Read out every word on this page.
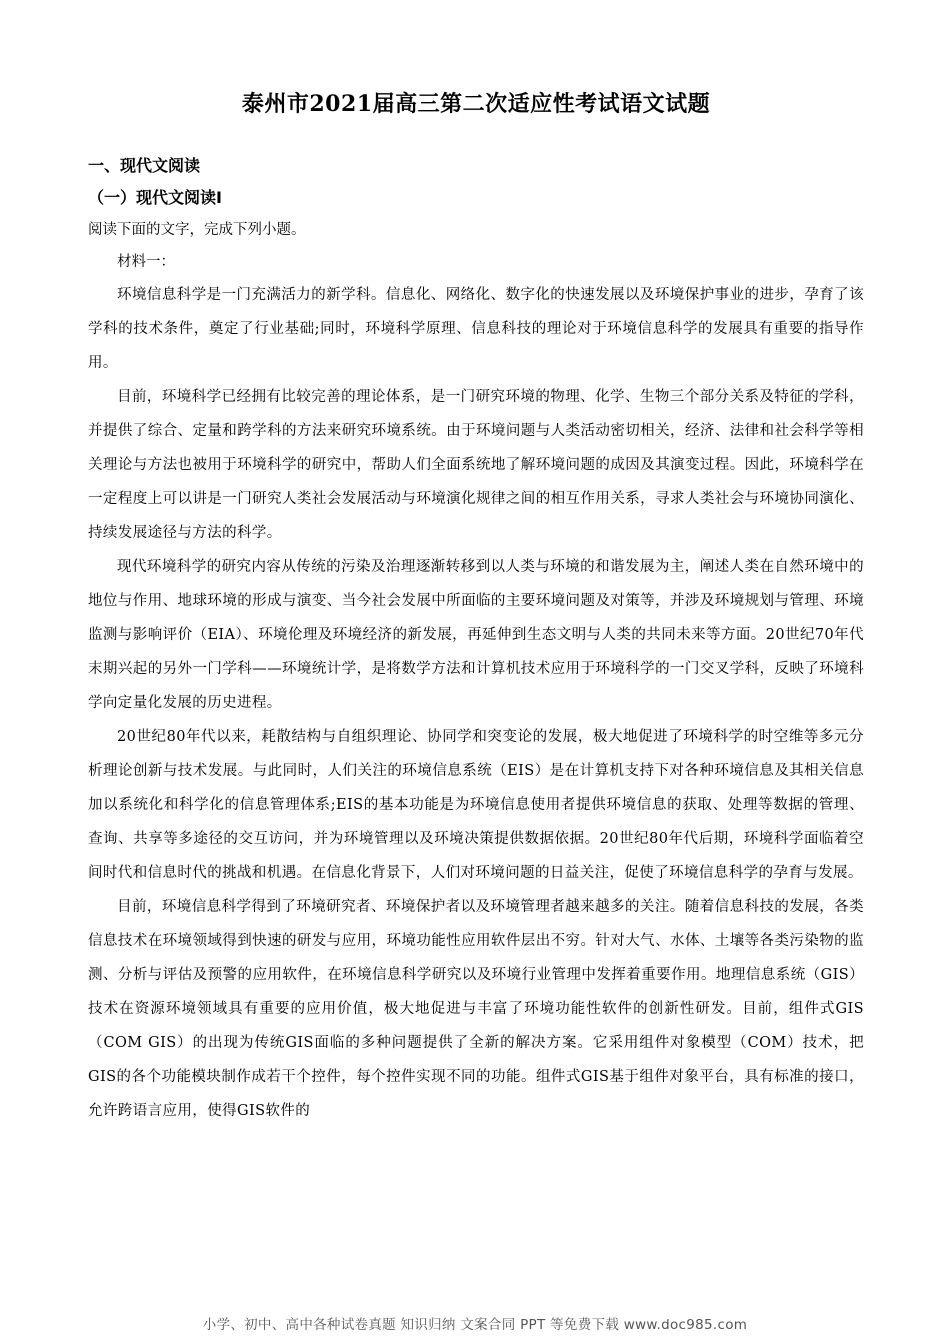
泰州市2021届高三第二次适应性考试语文试题

一、现代文阅读

（一）现代文阅读Ⅰ

阅读下面的文字，完成下列小题。

材料一：

环境信息科学是一门充满活力的新学科。信息化、网络化、数字化的快速发展以及环境保护事业的进步，孕育了该学科的技术条件，奠定了行业基础;同时，环境科学原理、信息科技的理论对于环境信息科学的发展具有重要的指导作用。

目前，环境科学已经拥有比较完善的理论体系，是一门研究环境的物理、化学、生物三个部分关系及特征的学科，并提供了综合、定量和跨学科的方法来研究环境系统。由于环境问题与人类活动密切相关，经济、法律和社会科学等相关理论与方法也被用于环境科学的研究中，帮助人们全面系统地了解环境问题的成因及其演变过程。因此，环境科学在一定程度上可以讲是一门研究人类社会发展活动与环境演化规律之间的相互作用关系，寻求人类社会与环境协同演化、持续发展途径与方法的科学。

现代环境科学的研究内容从传统的污染及治理逐渐转移到以人类与环境的和谐发展为主，阐述人类在自然环境中的地位与作用、地球环境的形成与演变、当今社会发展中所面临的主要环境问题及对策等，并涉及环境规划与管理、环境监测与影响评价（EIA）、环境伦理及环境经济的新发展，再延伸到生态文明与人类的共同未来等方面。20世纪70年代末期兴起的另外一门学科——环境统计学，是将数学方法和计算机技术应用于环境科学的一门交叉学科，反映了环境科学向定量化发展的历史进程。

20世纪80年代以来，耗散结构与自组织理论、协同学和突变论的发展，极大地促进了环境科学的时空维等多元分析理论创新与技术发展。与此同时，人们关注的环境信息系统（EIS）是在计算机支持下对各种环境信息及其相关信息加以系统化和科学化的信息管理体系;EIS的基本功能是为环境信息使用者提供环境信息的获取、处理等数据的管理、查询、共享等多途径的交互访问，并为环境管理以及环境决策提供数据依据。20世纪80年代后期，环境科学面临着空间时代和信息时代的挑战和机遇。在信息化背景下，人们对环境问题的日益关注，促使了环境信息科学的孕育与发展。

目前，环境信息科学得到了环境研究者、环境保护者以及环境管理者越来越多的关注。随着信息科技的发展，各类信息技术在环境领域得到快速的研发与应用，环境功能性应用软件层出不穷。针对大气、水体、土壤等各类污染物的监测、分析与评估及预警的应用软件，在环境信息科学研究以及环境行业管理中发挥着重要作用。地理信息系统（GIS）技术在资源环境领域具有重要的应用价值，极大地促进与丰富了环境功能性软件的创新性研发。目前，组件式GIS（COM GIS）的出现为传统GIS面临的多种问题提供了全新的解决方案。它采用组件对象模型（COM）技术，把GIS的各个功能模块制作成若干个控件，每个控件实现不同的功能。组件式GIS基于组件对象平台，具有标准的接口，允许跨语言应用，使得GIS软件的

小学、初中、高中各种试卷真题 知识归纳 文案合同 PPT 等免费下载 www.doc985.com
